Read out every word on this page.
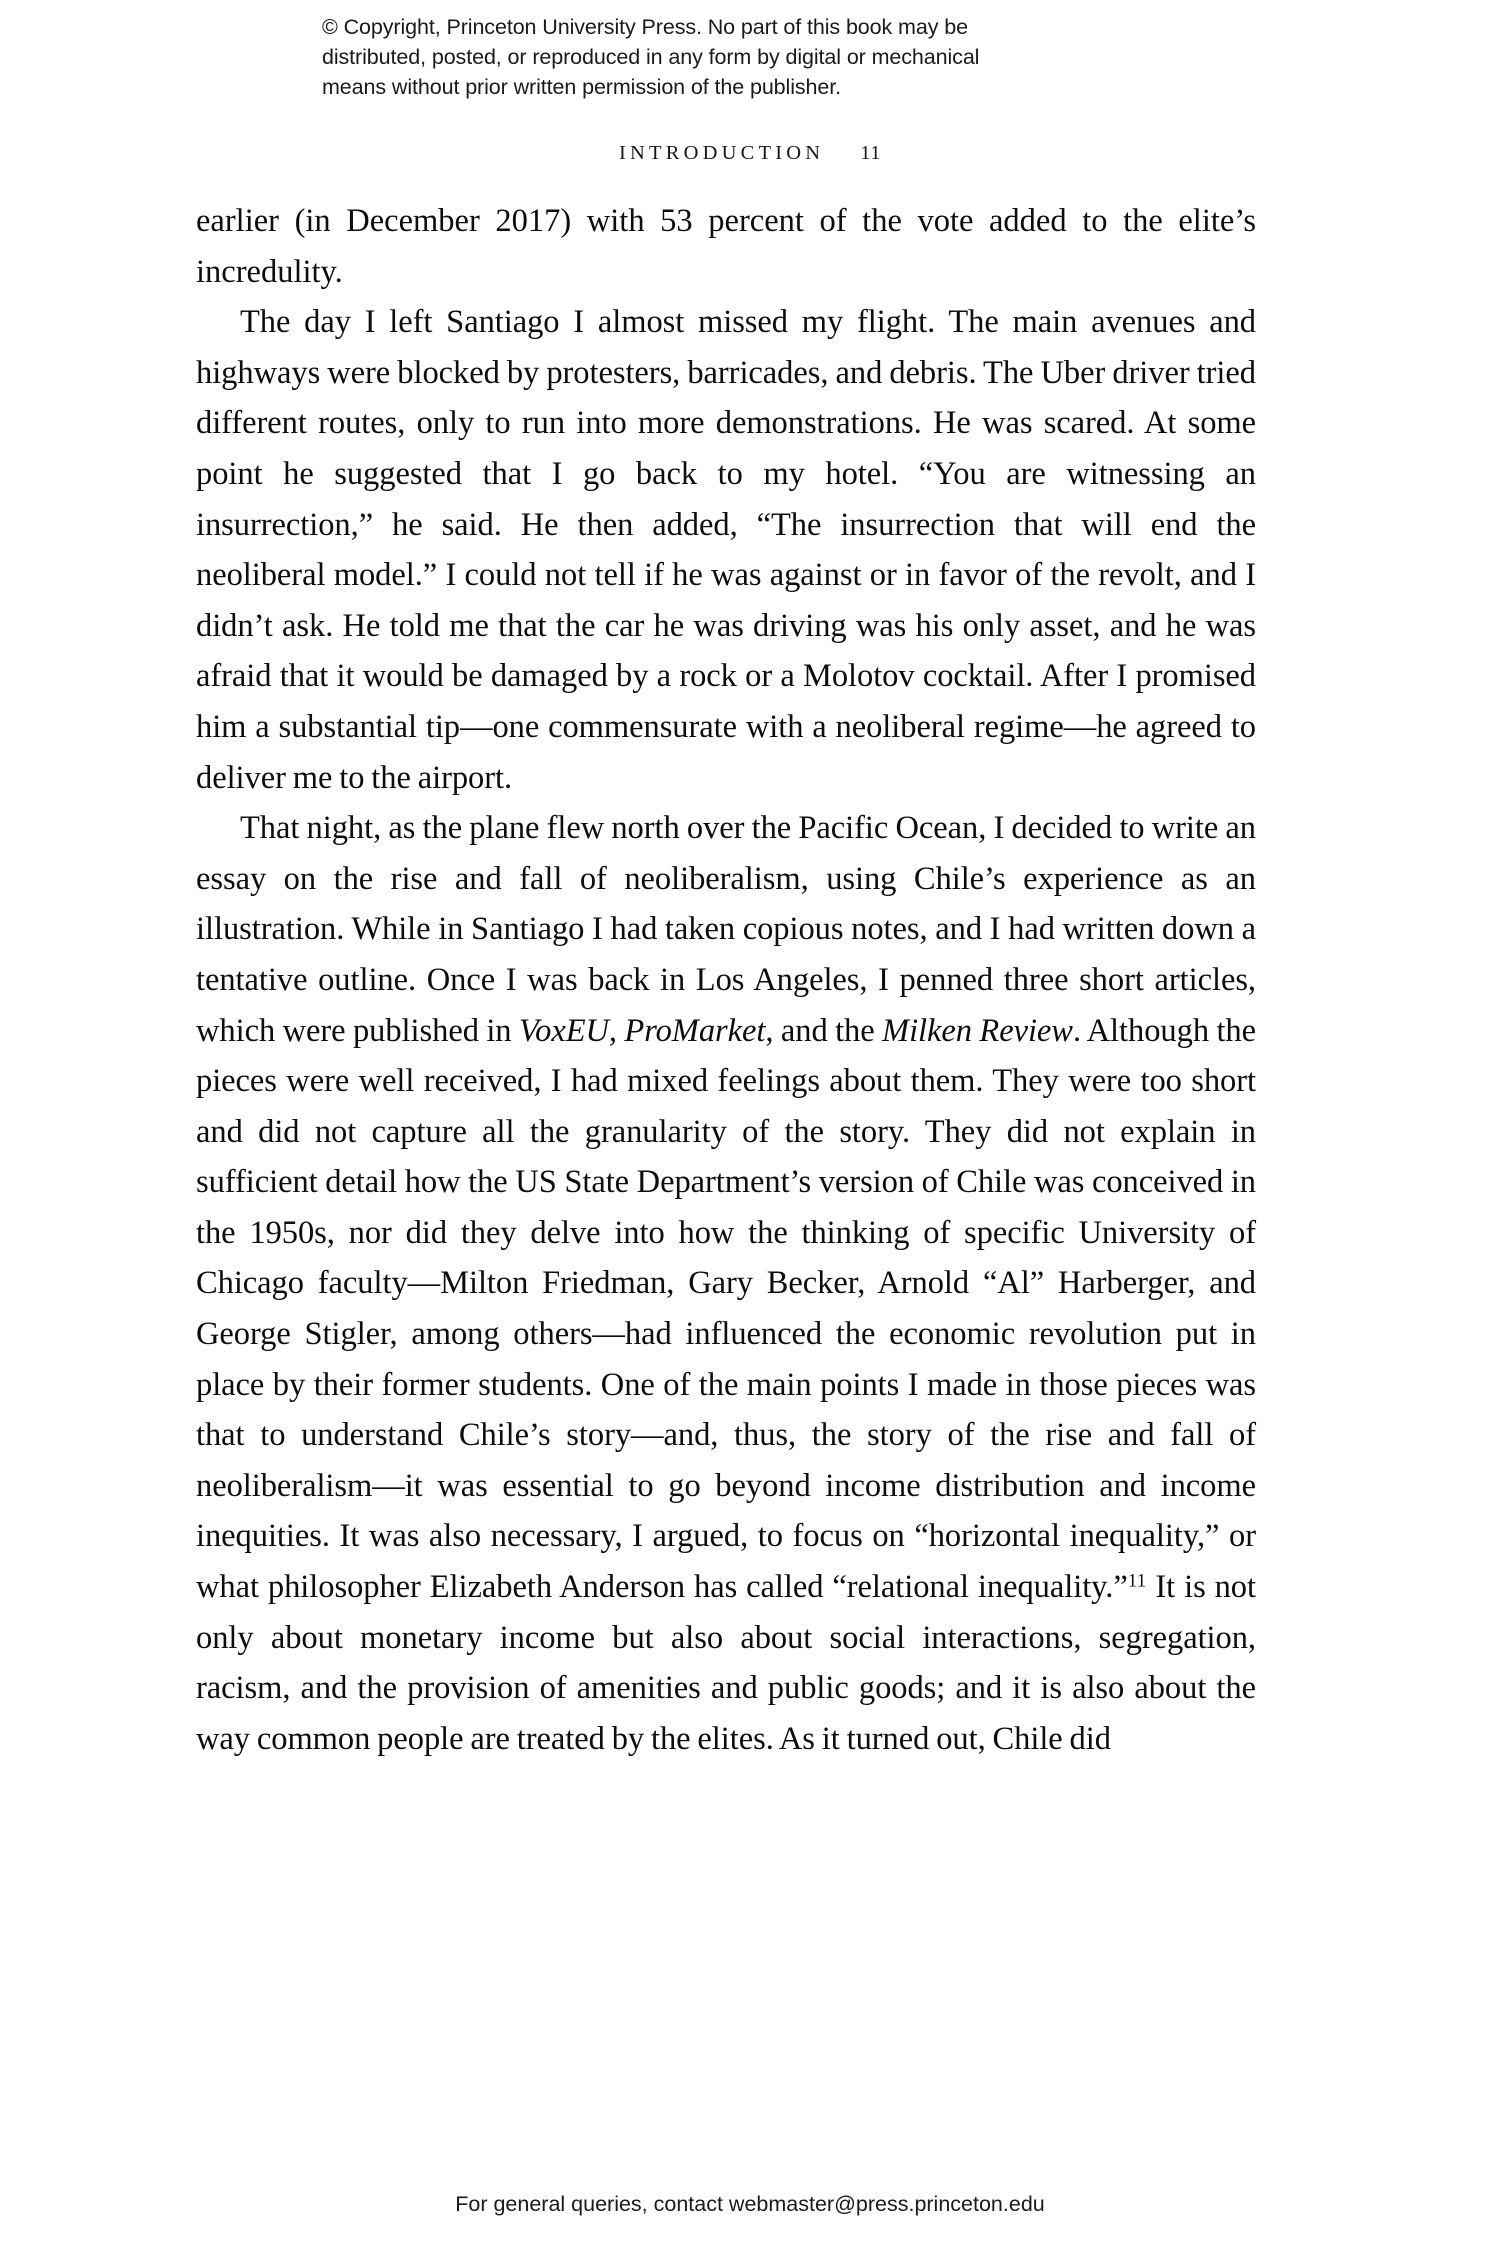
© Copyright, Princeton University Press. No part of this book may be
distributed, posted, or reproduced in any form by digital or mechanical
means without prior written permission of the publisher.
INTRODUCTION 11

earlier (in December 2017) with 53 percent of the vote added to the elite’s incredulity.

The day I left Santiago I almost missed my flight. The main avenues and highways were blocked by protesters, barricades, and debris. The Uber driver tried different routes, only to run into more demonstrations. He was scared. At some point he suggested that I go back to my hotel. “You are witnessing an insurrection,” he said. He then added, “The insurrection that will end the neoliberal model.” I could not tell if he was against or in favor of the revolt, and I didn’t ask. He told me that the car he was driving was his only asset, and he was afraid that it would be damaged by a rock or a Molotov cocktail. After I promised him a substantial tip—one commensurate with a neoliberal regime—he agreed to deliver me to the airport.

That night, as the plane flew north over the Pacific Ocean, I decided to write an essay on the rise and fall of neoliberalism, using Chile’s experience as an illustration. While in Santiago I had taken copious notes, and I had written down a tentative outline. Once I was back in Los Angeles, I penned three short articles, which were published in VoxEU, ProMarket, and the Milken Review. Although the pieces were well received, I had mixed feelings about them. They were too short and did not capture all the granularity of the story. They did not explain in sufficient detail how the US State Department’s version of Chile was conceived in the 1950s, nor did they delve into how the thinking of specific University of Chicago faculty—Milton Friedman, Gary Becker, Arnold “Al” Harberger, and George Stigler, among others—had influenced the economic revolution put in place by their former students. One of the main points I made in those pieces was that to understand Chile’s story—and, thus, the story of the rise and fall of neoliberalism—it was essential to go beyond income distribution and income inequities. It was also necessary, I argued, to focus on “horizontal inequality,” or what philosopher Elizabeth Anderson has called “relational inequality.”$^{11}$ It is not only about monetary income but also about social interactions, segregation, racism, and the provision of amenities and public goods; and it is also about the way common people are treated by the elites. As it turned out, Chile did

For general queries, contact webmaster@press.princeton.edu
